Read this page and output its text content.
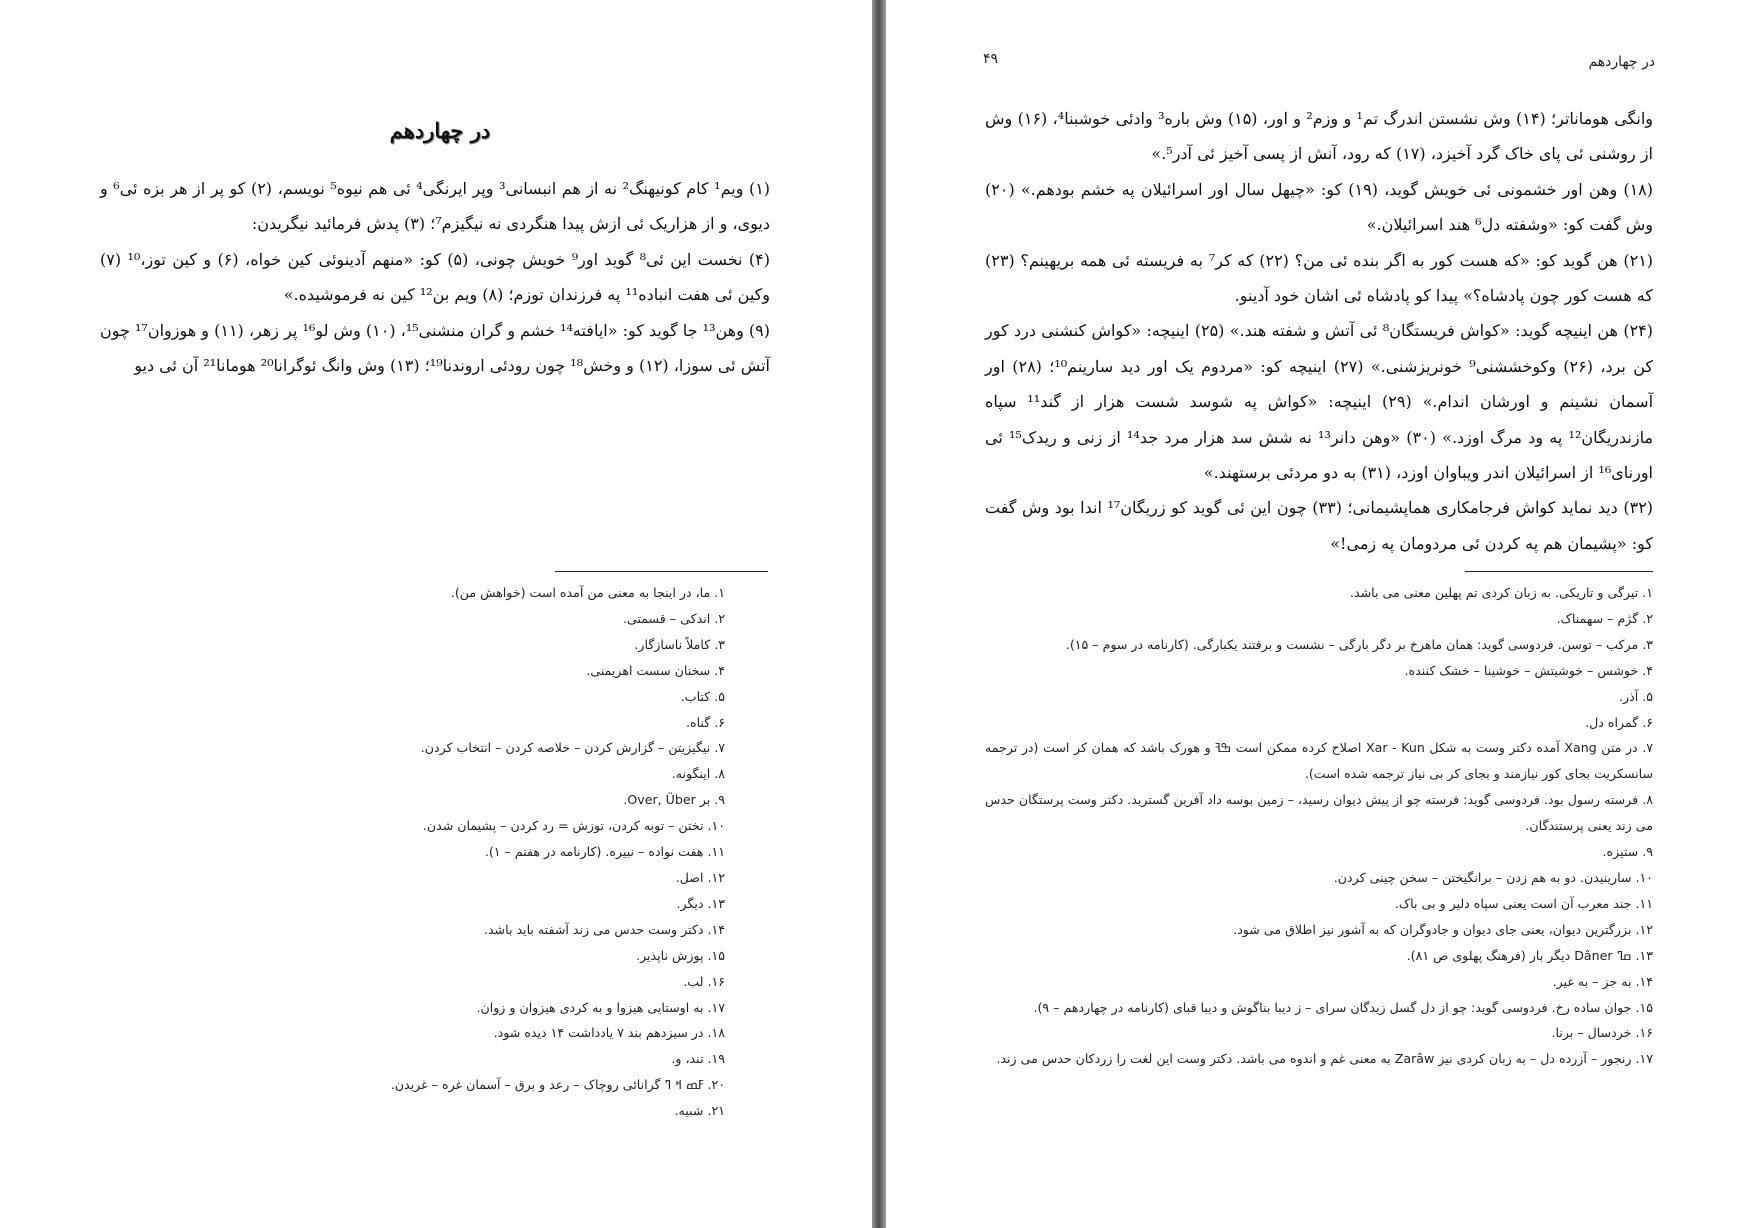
در چهاردهم

(۱) ویم¹ کام کونیهنگ² نه از هم انبسانی³ وپر ایرنگی⁴ ئی هم نیوه⁵ نویسم، (۲) کو پر از هر بزه ئی⁶ و دیوی، و از هزاریک ئی ازش پیدا هنگردی نه نیگیزم⁷؛ (۳) پدش فرمائید نیگریدن:

(۴) نخست این ئی⁸ گوید اور⁹ خویش چونی، (۵) کو: «منهم آدینوئی کین خواه، (۶) و کین توز،¹⁰ (۷) وکین ئی هفت انباده¹¹ په فرزندان توزم؛ (۸) ویم بن¹² کین نه فرموشیده.»

(۹) وهن¹³ جا گوید کو: «ایافته¹⁴ خشم و گران منشنی¹⁵، (۱۰) وش لو¹⁶ پر زهر، (۱۱) و هوزوان¹⁷ چون آتش ئی سوزا، (۱۲) و وخش¹⁸ چون رودئی اروندنا¹⁹؛ (۱۳) وش وانگ ئوگرانا²⁰ هومانا²¹ آن ئی دیو

۱. ما، در اینجا به معنی من آمده است (خواهش من).

۲. اندکی – قسمتی.

۳. کاملاً ناسازگار.

۴. سخنان سست اهریمنی.

۵. کتاب.

۶. گناه.

۷. نیگیزیتن – گزارش کردن – خلاصه کردن – انتخاب کردن.

۸. اینگونه.

۹. بر Over, Über.

۱۰. تختن – توبه کردن، توزش = رد کردن – پشیمان شدن.

۱۱. هفت نواده – نبیره. (کارنامه در هفتم – ۱).

۱۲. اصل.

۱۳. دیگر.

۱۴. دکتر وست حدس می زند آشفته باید باشد.

۱۵. پوزش ناپذیر.

۱۶. لب.

۱۷. به اوستایی هیزوا و به کردی هیزوان و زوان.

۱۸. در سیزدهم بند ۷ یادداشت ۱۴ دیده شود.

۱۹. تند، و.

۲۰. ߓߘ ߞ ߣ گرانائی روچاک – رعد و برق – آسمان غره – غریدن.

۲۱. شبیه.

در چهاردهم
۴۹

وانگی هومانا‌تر؛ (۱۴) وش نشستن اندرگ تم¹ و وزم² و اور، (۱۵) وش باره³ وادئی خوشبنا⁴، (۱۶) وش از روشنی ئی پای خاک گرد آخیزد، (۱۷) که رود، آنش از پسی آخیز ئی آدر⁵.»

(۱۸) وهن اور خشمونی ئی خویش گوید، (۱۹) کو: «چیهل سال اور اسرائیلان په خشم بودهم.» (۲۰) وش گفت کو: «وشفته دل⁶ هند اسرائیلان.»

(۲۱) هن گوید کو: «که هست کور به اگر بنده ئی من؟ (۲۲) که کر⁷ به فریسته ئی همه بریهینم؟ (۲۳) که هست کور چون پادشاه؟» پیدا کو پادشاه ئی اشان خود آدینو.

(۲۴) هن اینیچه گوید: «کواش فریستگان⁸ ئی آتش و شفته هند.» (۲۵) اینیچه: «کواش کنشنی درد کور کن برد، (۲۶) وکوخششنی⁹ خونریزشنی.» (۲۷) اینیچه کو: «مردوم یک اور دید سارینم¹⁰؛ (۲۸) اور آسمان نشینم و اورشان اندام.» (۲۹) اینیچه: «کواش په شوسد شست هزار از گند¹¹ سپاه مازندریگان¹² په ود مرگ اوزد.» (۳۰) «وهن دانر¹³ نه شش سد هزار مرد جد¹⁴ از زنی و ریدک¹⁵ ئی اورنای¹⁶ از اسرائیلان اندر ویباوان اوزد، (۳۱) به دو مردئی برستهند.»

(۳۲) دید نماید کواش فرجامکاری هماپشیمانی؛ (۳۳) چون این ئی گوید کو زریگان¹⁷ اندا بود وش گفت کو: «پشیمان هم په کردن ئی مردومان په زمی!»

۱. تیرگی و تاریکی. به زبان کردی تم پهلین معنی می باشد.

۲. گژم – سهمناک.

۳. مرکب – توسن. فردوسی گوید: همان ماهرخ بر دگر بارگی – نشست و برفتند یکبارگی. (کارنامه در سوم – ۱۵).

۴. خوشس – خوشیتش – خوشینا – خشک کننده.

۵. آذر.

۶. گمراه دل.

۷. در متن Xang آمده دکتر وست به شکل Xar - Kun اصلاح کرده ممکن است ߒߔ و هورک باشد که همان کر است (در ترجمه سانسکریت بجای کور نیازمند و بجای کر بی نیاز ترجمه شده است).

۸. فرسته رسول بود. فردوسی گوید: فرسته چو از پیش دیوان رسید، – زمین بوسه داد آفرین گسترید. دکتر وست پرستگان حدس می زند یعنی پرستندگان.

۹. ستیزه.

۱۰. سارینیدن. دو به هم زدن – برانگیختن – سخن چینی کردن.

۱۱. جند معرب آن است یعنی سپاه دلیر و بی باک.

۱۲. بزرگترین دیوان، یعنی جای دیوان و جادوگران که به آشور نیز اطلاق می شود.

۱۳. ߛߣ Dâner دیگر بار (فرهنگ پهلوی ص ۸۱).

۱۴. به جز – به غیر.

۱۵. جوان ساده رخ. فردوسی گوید: چو از دل گسل زیدگان سرای – ز دیبا بناگوش و دیبا قبای (کارنامه در چهاردهم – ۹).

۱۶. خردسال – برنا.

۱۷. رنجور – آزرده دل – به زبان کردی نیز Zarâw به معنی غم و اندوه می باشد. دکتر وست این لغت را زردکان حدس می زند.
